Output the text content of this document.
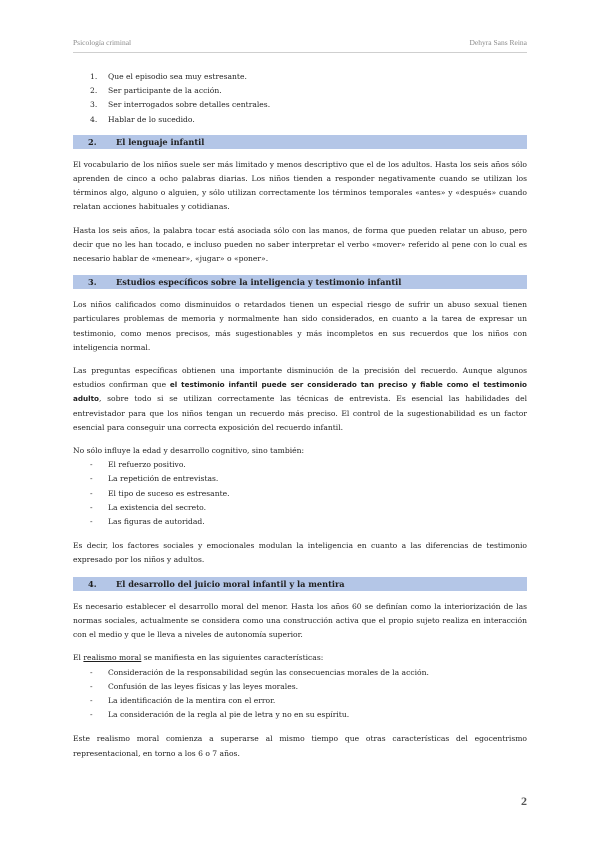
Psicología criminal	Dehyra Sans Reina
1. Que el episodio sea muy estresante.
2. Ser participante de la acción.
3. Ser interrogados sobre detalles centrales.
4. Hablar de lo sucedido.
2. El lenguaje infantil

El vocabulario de los niños suele ser más limitado y menos descriptivo que el de los adultos. Hasta los seis años sólo aprenden de cinco a ocho palabras diarias. Los niños tienden a responder negativamente cuando se utilizan los términos algo, alguno o alguien, y sólo utilizan correctamente los términos temporales «antes» y «después» cuando relatan acciones habituales y cotidianas.

Hasta los seis años, la palabra tocar está asociada sólo con las manos, de forma que pueden relatar un abuso, pero decir que no les han tocado, e incluso pueden no saber interpretar el verbo «mover» referido al pene con lo cual es necesario hablar de «menear», «jugar» o «poner».

3. Estudios específicos sobre la inteligencia y testimonio infantil

Los niños calificados como disminuidos o retardados tienen un especial riesgo de sufrir un abuso sexual tienen particulares problemas de memoria y normalmente han sido considerados, en cuanto a la tarea de expresar un testimonio, como menos precisos, más sugestionables y más incompletos en sus recuerdos que los niños con inteligencia normal.

Las preguntas específicas obtienen una importante disminución de la precisión del recuerdo. Aunque algunos estudios confirman que el testimonio infantil puede ser considerado tan preciso y fiable como el testimonio adulto, sobre todo si se utilizan correctamente las técnicas de entrevista. Es esencial las habilidades del entrevistador para que los niños tengan un recuerdo más preciso. El control de la sugestionabilidad es un factor esencial para conseguir una correcta exposición del recuerdo infantil.

No sólo influye la edad y desarrollo cognitivo, sino también:

- El refuerzo positivo.
- La repetición de entrevistas.
- El tipo de suceso es estresante.
- La existencia del secreto.
- Las figuras de autoridad.

Es decir, los factores sociales y emocionales modulan la inteligencia en cuanto a las diferencias de testimonio expresado por los niños y adultos.

4. El desarrollo del juicio moral infantil y la mentira

Es necesario establecer el desarrollo moral del menor. Hasta los años 60 se definían como la interiorización de las normas sociales, actualmente se considera como una construcción activa que el propio sujeto realiza en interacción con el medio y que le lleva a niveles de autonomía superior.

El realismo moral se manifiesta en las siguientes características:

- Consideración de la responsabilidad según las consecuencias morales de la acción.
- Confusión de las leyes físicas y las leyes morales.
- La identificación de la mentira con el error.
- La consideración de la regla al pie de letra y no en su espíritu.

Este realismo moral comienza a superarse al mismo tiempo que otras características del egocentrismo representacional, en torno a los 6 o 7 años.

2
